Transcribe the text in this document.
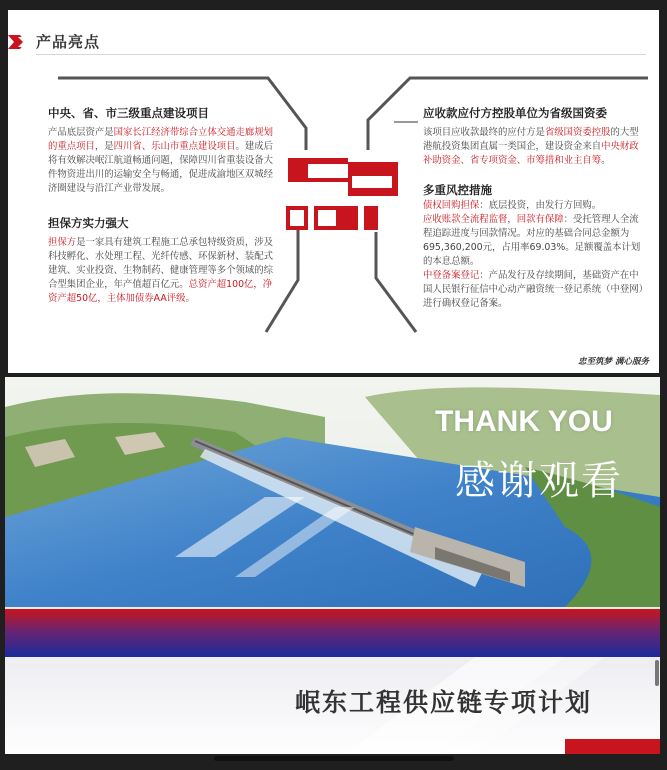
产品亮点
中央、省、市三级重点建设项目

产品底层资产是国家长江经济带综合立体交通走廊规划的重点项目，是四川省、乐山市重点建设项目。建成后将有效解决岷江航道畅通问题，保障四川省重装设备大件物资进出川的运输安全与畅通，促进成渝地区双城经济圈建设与沿江产业带发展。

担保方实力强大

担保方是一家具有建筑工程施工总承包特级资质，涉及科技孵化、水处理工程、光纤传感、环保新材、装配式建筑、实业投资、生物制药、健康管理等多个领域的综合型集团企业，年产值超百亿元。总资产超100亿，净资产超50亿，主体加债券AA评级。

应收款应付方控股单位为省级国资委

该项目应收款最终的应付方是省级国资委控股的大型港航投资集团直属一类国企，建设资金来自中央财政补助资金、省专项资金、市筹措和业主自筹。

多重风控措施

债权回购担保：底层投资，由发行方回购。

应收账款全流程监督，回款有保障：受托管理人全流程追踪进度与回款情况。对应的基础合同总金额为695,360,200元，占用率69.03%。足额覆盖本计划的本息总额。

中登备案登记：产品发行及存续期间，基础资产在中国人民银行征信中心动产融资统一登记系统（中登网）进行确权登记备案。

忠至筑梦 满心服务
THANK YOU
感谢观看
岷东工程供应链专项计划
